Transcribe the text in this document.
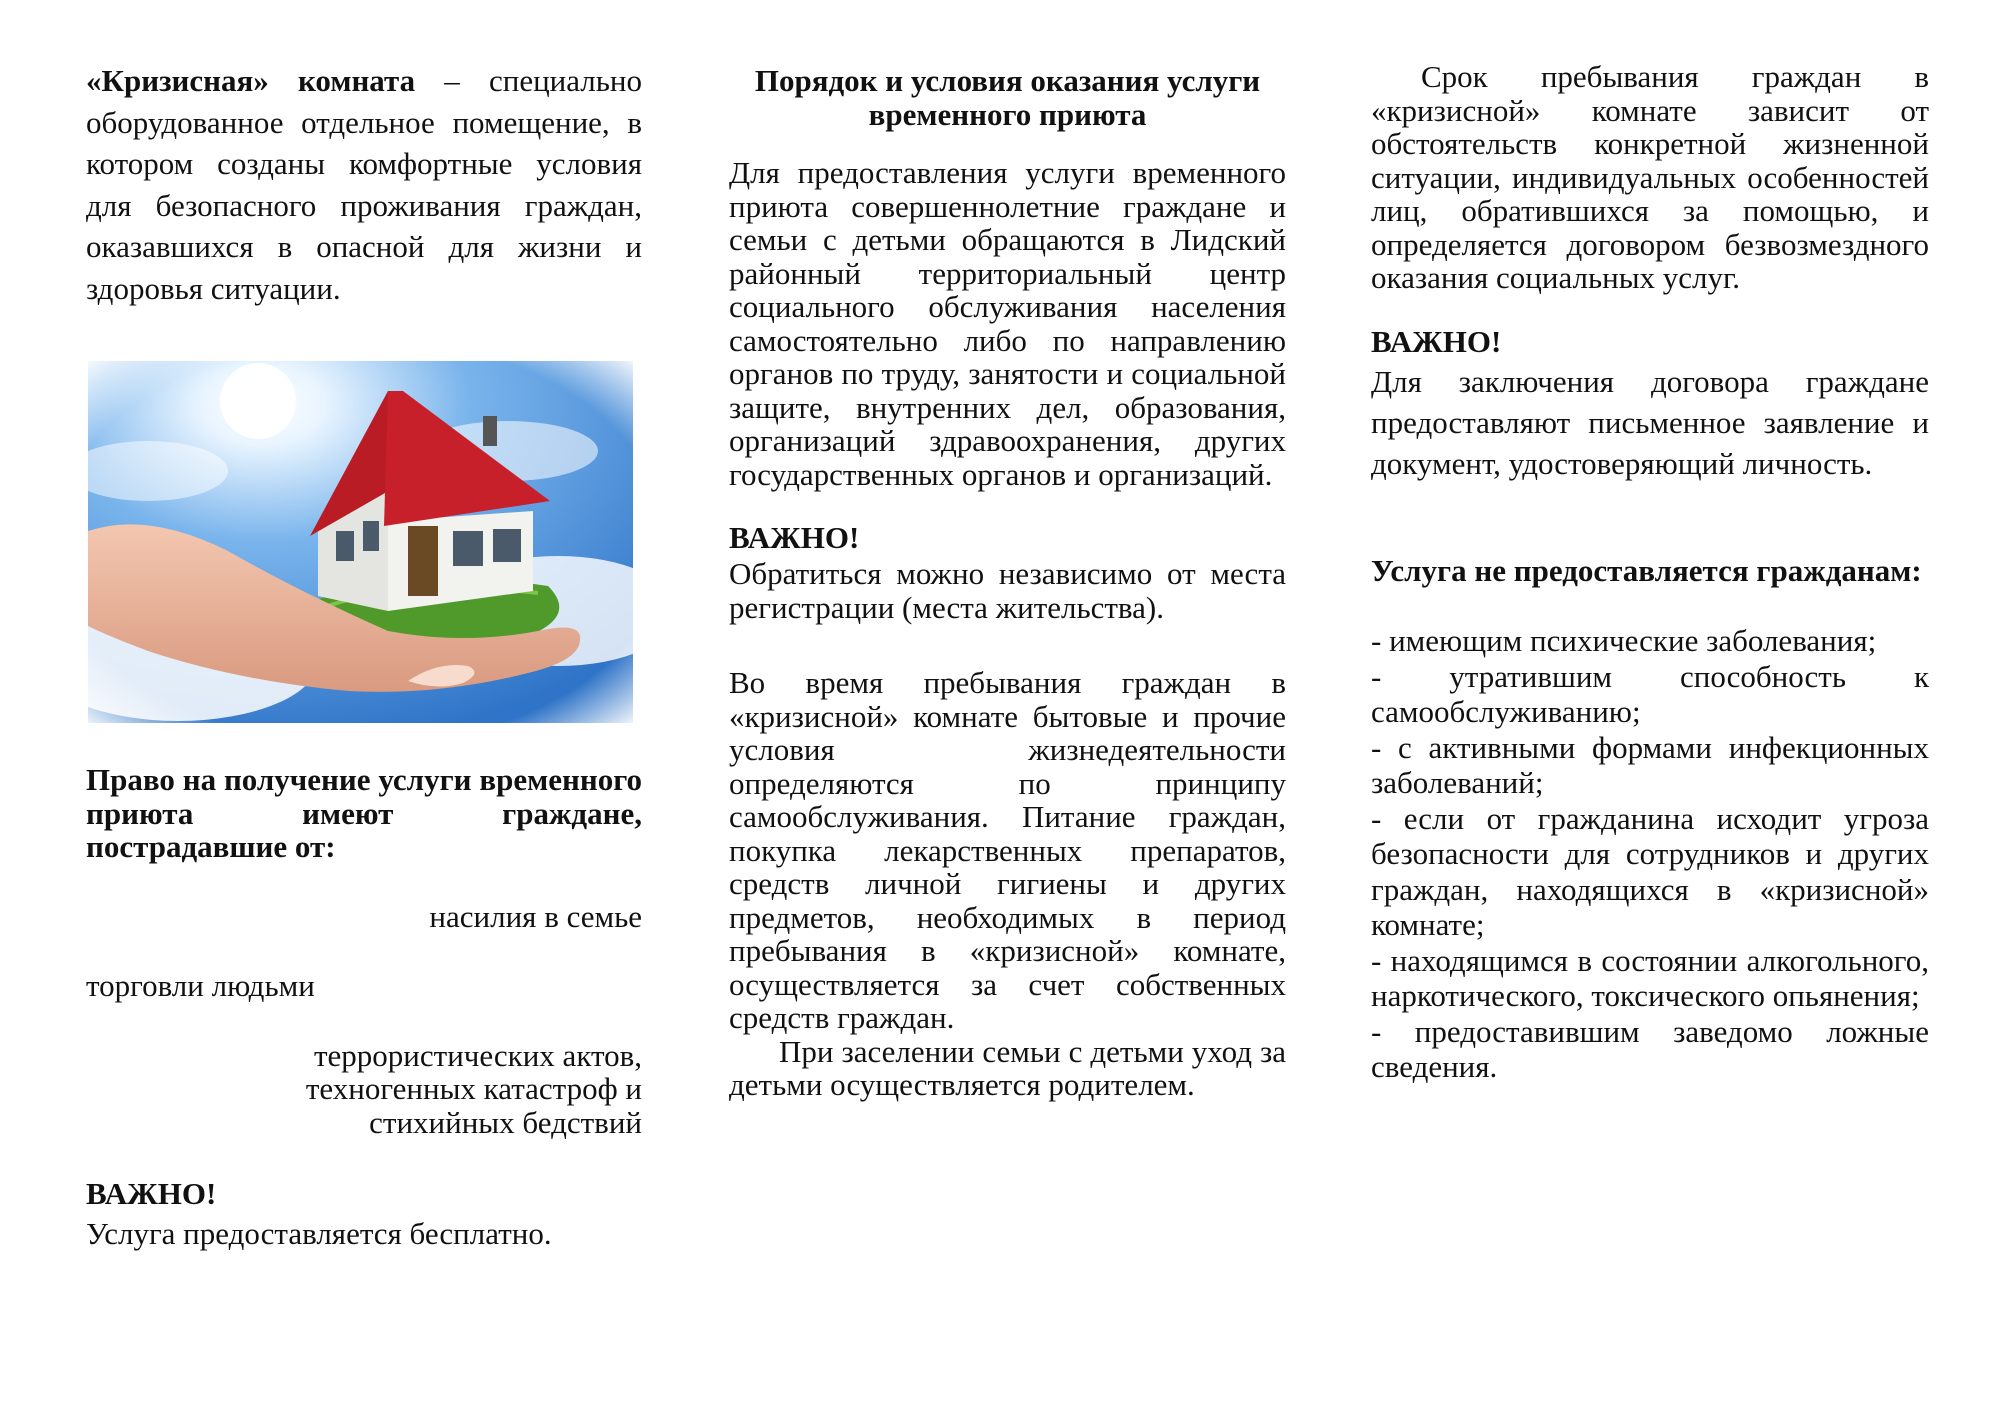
«Кризисная» комната – специально оборудованное отдельное помещение, в котором созданы комфортные условия для безопасного проживания граждан, оказавшихся в опасной для жизни и здоровья ситуации.

Право на получение услуги временного приюта имеют граждане, пострадавшие от:

насилия в семье

торговли людьми

террористических актов, техногенных катастроф и стихийных бедствий

ВАЖНО!

Услуга предоставляется бесплатно.

Порядок и условия оказания услуги временного приюта

Для предоставления услуги временного приюта совершеннолетние граждане и семьи с детьми обращаются в Лидский районный территориальный центр социального обслуживания населения самостоятельно либо по направлению органов по труду, занятости и социальной защите, внутренних дел, образования, организаций здравоохранения, других государственных органов и организаций.

ВАЖНО!

Обратиться можно независимо от места регистрации (места жительства).

Во время пребывания граждан в «кризисной» комнате бытовые и прочие условия жизнедеятельности определяются по принципу самообслуживания. Питание граждан, покупка лекарственных препаратов, средств личной гигиены и других предметов, необходимых в период пребывания в «кризисной» комнате, осуществляется за счет собственных средств граждан.

При заселении семьи с детьми уход за детьми осуществляется родителем.

Срок пребывания граждан в «кризисной» комнате зависит от обстоятельств конкретной жизненной ситуации, индивидуальных особенностей лиц, обратившихся за помощью, и определяется договором безвозмездного оказания социальных услуг.

ВАЖНО!

Для заключения договора граждане предоставляют письменное заявление и документ, удостоверяющий личность.

Услуга не предоставляется гражданам:

- имеющим психические заболевания;
- утратившим способность к самообслуживанию;
- с активными формами инфекционных заболеваний;
- если от гражданина исходит угроза безопасности для сотрудников и других граждан, находящихся в «кризисной» комнате;
- находящимся в состоянии алкогольного, наркотического, токсического опьянения;
- предоставившим заведомо ложные сведения.
